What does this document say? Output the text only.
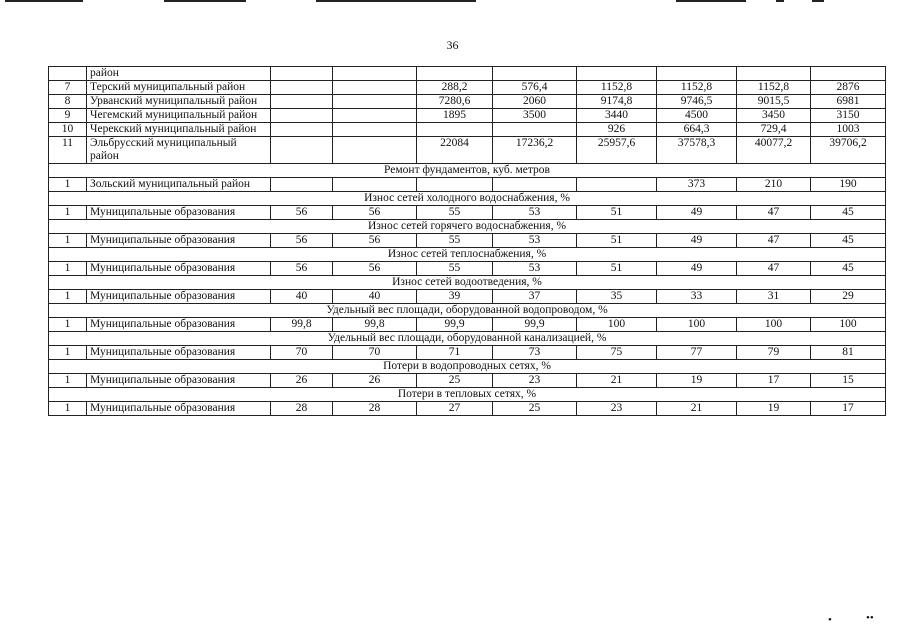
36
	район								
7	Терский муниципальный район			288,2	576,4	1152,8	1152,8	1152,8	2876
8	Урванский муниципальный район			7280,6	2060	9174,8	9746,5	9015,5	6981
9	Чегемский муниципальный район			1895	3500	3440	4500	3450	3150
10	Черекский муниципальный район					926	664,3	729,4	1003
11	Эльбрусский муниципальный район			22084	17236,2	25957,6	37578,3	40077,2	39706,2
Ремонт фундаментов, куб. метров									
1	Зольский муниципальный район						373	210	190
Износ сетей холодного водоснабжения, %									
1	Муниципальные образования	56	56	55	53	51	49	47	45
Износ сетей горячего водоснабжения, %									
1	Муниципальные образования	56	56	55	53	51	49	47	45
Износ сетей теплоснабжения, %									
1	Муниципальные образования	56	56	55	53	51	49	47	45
Износ сетей водоотведения, %									
1	Муниципальные образования	40	40	39	37	35	33	31	29
Удельный вес площади, оборудованной водопроводом, %									
1	Муниципальные образования	99,8	99,8	99,9	99,9	100	100	100	100
Удельный вес площади, оборудованной канализацией, %									
1	Муниципальные образования	70	70	71	73	75	77	79	81
Потери в водопроводных сетях, %									
1	Муниципальные образования	26	26	25	23	21	19	17	15
Потери в тепловых сетях, %									
1	Муниципальные образования	28	28	27	25	23	21	19	17
•	••
